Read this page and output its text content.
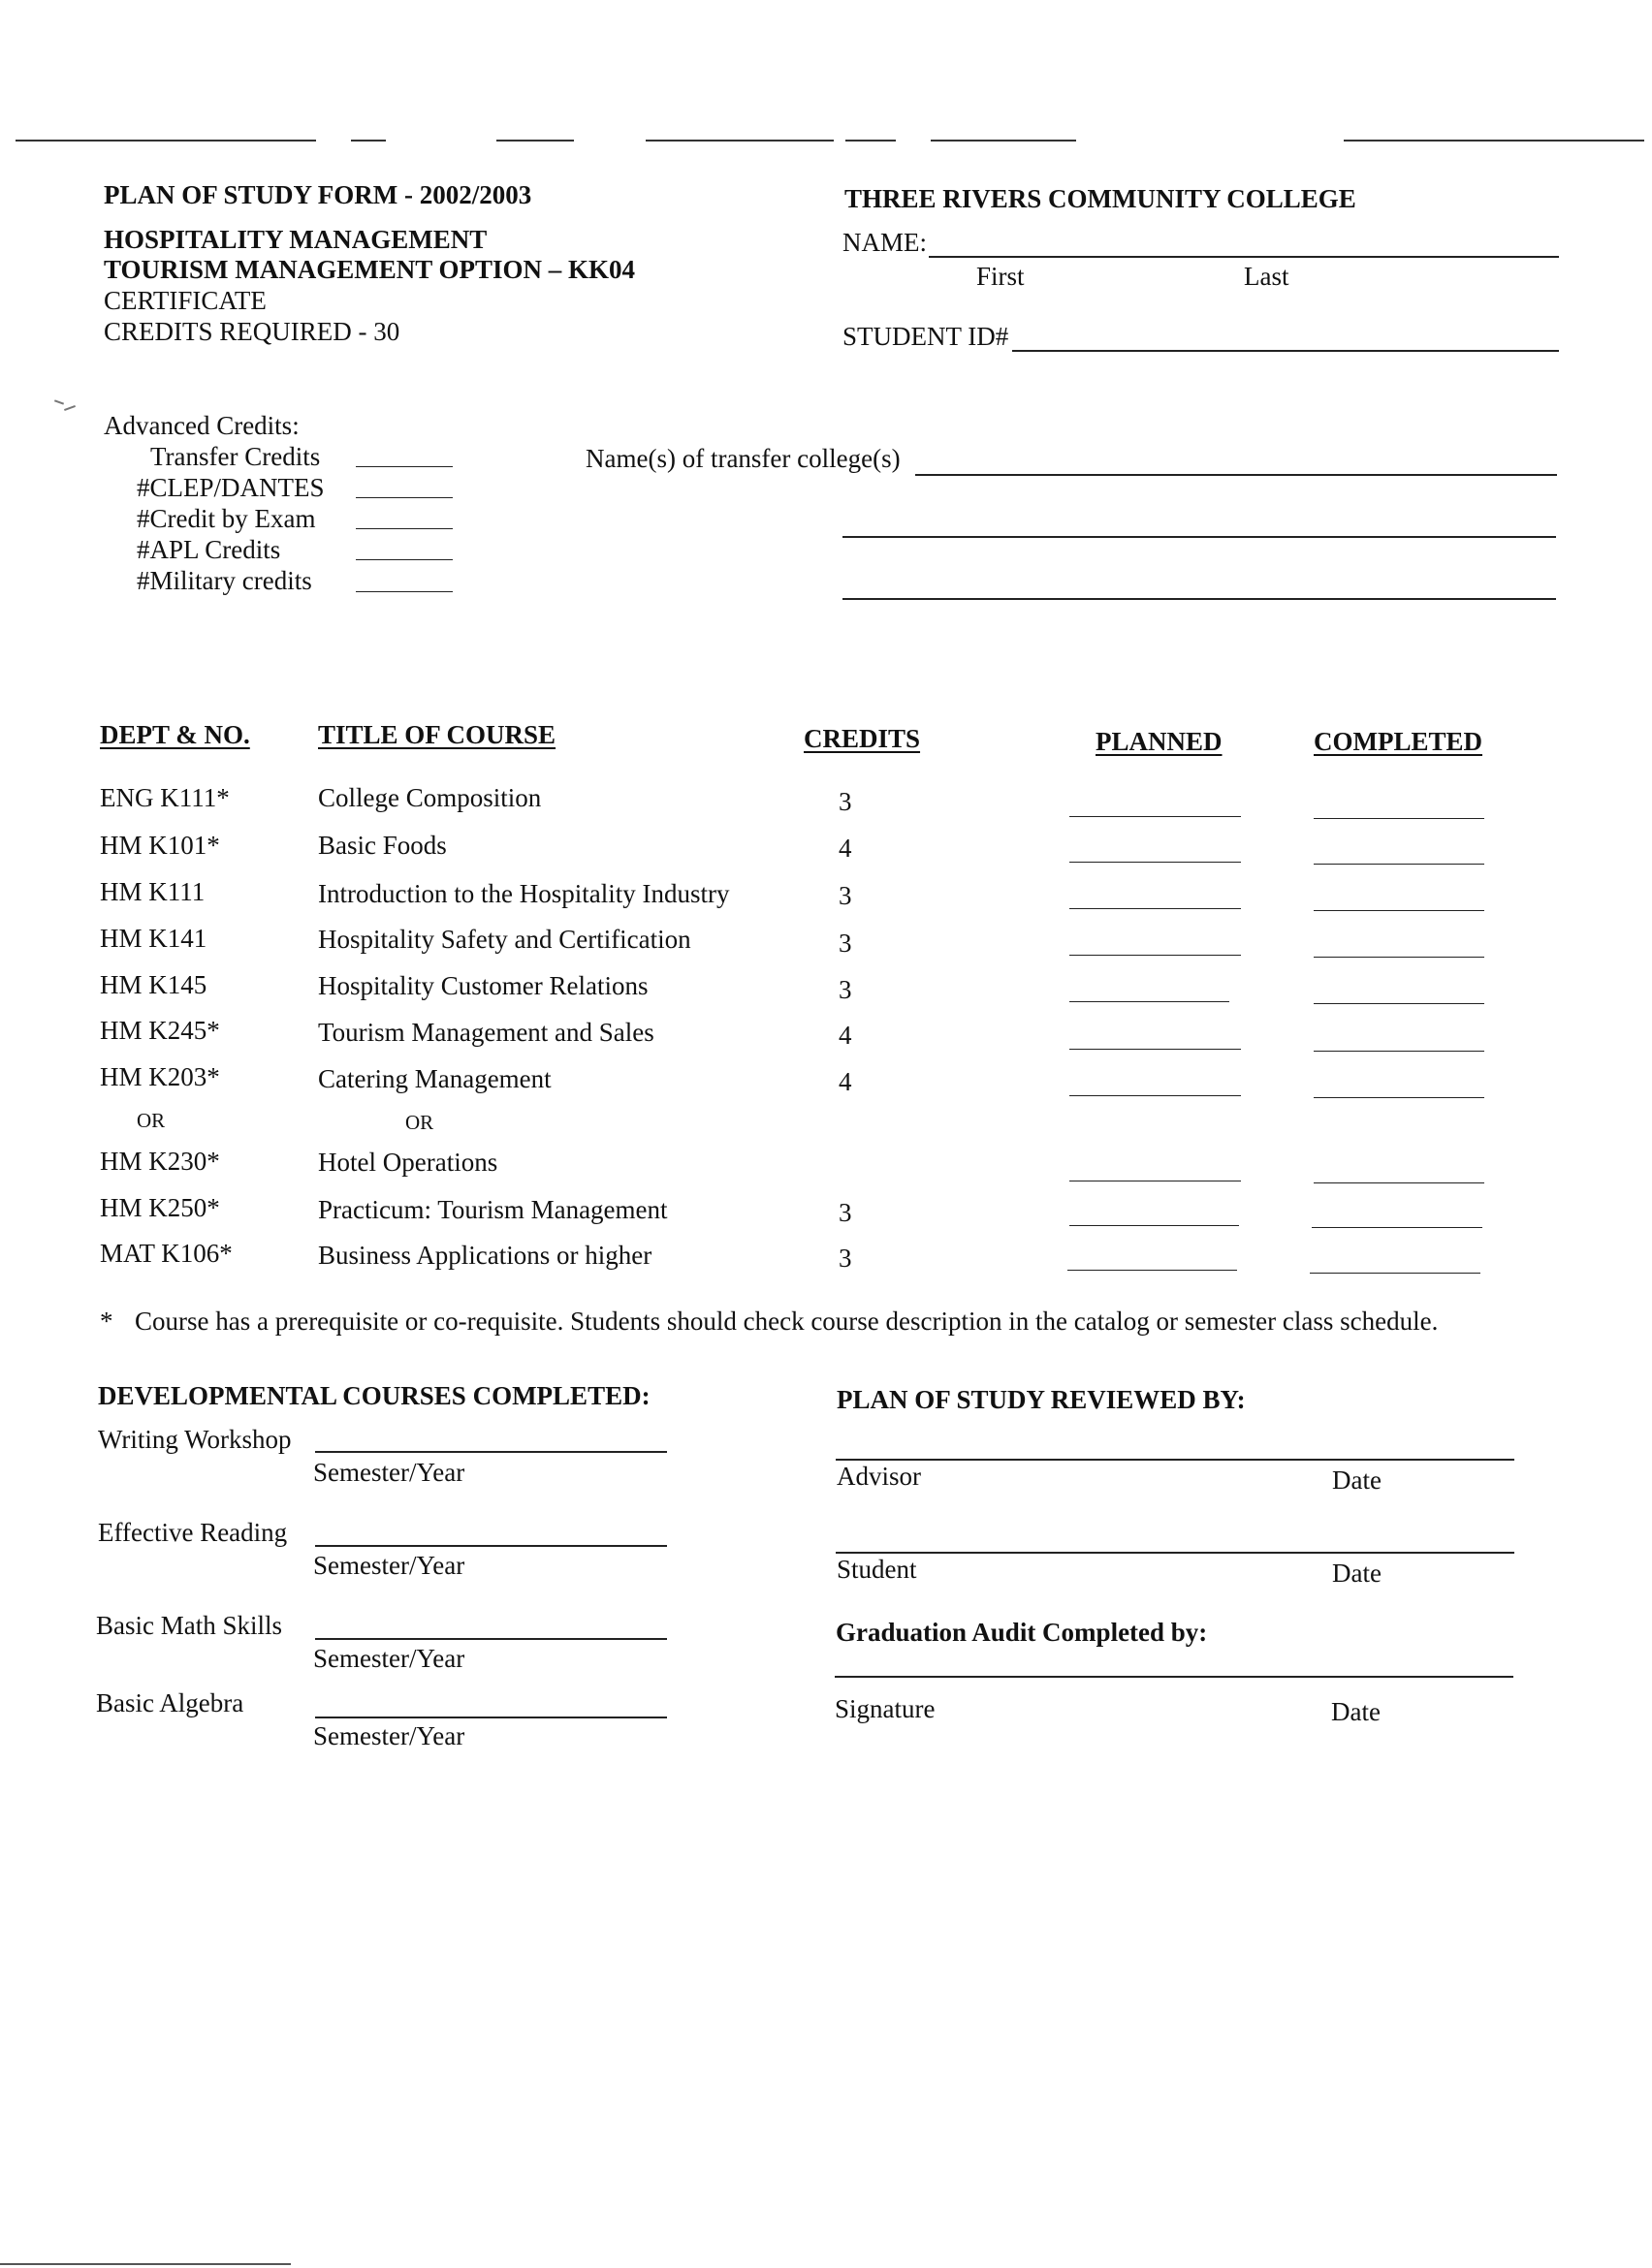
PLAN OF STUDY FORM - 2002/2003
HOSPITALITY MANAGEMENT
TOURISM MANAGEMENT OPTION – KK04
CERTIFICATE
CREDITS REQUIRED - 30
THREE RIVERS COMMUNITY COLLEGE
NAME:
First	Last
STUDENT ID#
Advanced Credits:
Transfer Credits
#CLEP/DANTES
#Credit by Exam
#APL Credits
#Military credits
Name(s) of transfer college(s)
DEPT & NO.	TITLE OF COURSE	CREDITS	PLANNED	COMPLETED
ENG K111*	College Composition	3
HM K101*	Basic Foods	4
HM K111	Introduction to the Hospitality Industry	3
HM K141	Hospitality Safety and Certification	3
HM K145	Hospitality Customer Relations	3
HM K245*	Tourism Management and Sales	4
HM K203*	Catering Management	4
OR	OR
HM K230*	Hotel Operations
HM K250*	Practicum: Tourism Management	3
MAT K106*	Business Applications or higher	3
* Course has a prerequisite or co-requisite. Students should check course description in the catalog or semester class schedule.
DEVELOPMENTAL COURSES COMPLETED:
Writing Workshop
Semester/Year
Effective Reading
Semester/Year
Basic Math Skills
Semester/Year
Basic Algebra
Semester/Year
PLAN OF STUDY REVIEWED BY:
Advisor	Date
Student	Date
Graduation Audit Completed by:
Signature	Date
